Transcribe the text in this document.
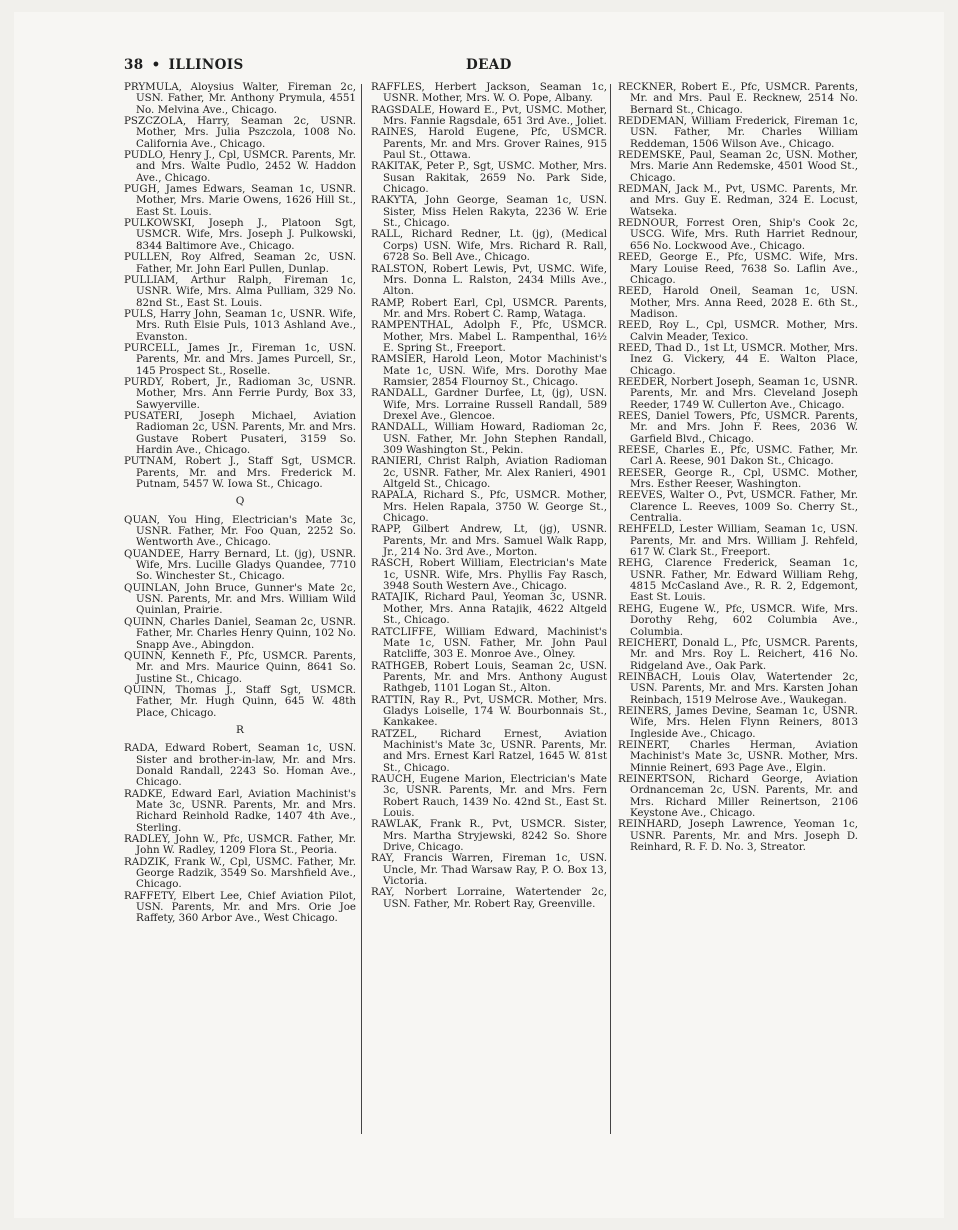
38 • ILLINOIS	DEAD
PRYMULA, Aloysius Walter, Fireman 2c, USN. Father, Mr. Anthony Prymula, 4551 No. Melvina Ave., Chicago.
PSZCZOLA, Harry, Seaman 2c, USNR. Mother, Mrs. Julia Pszczola, 1008 No. California Ave., Chicago.
PUDLO, Henry J., Cpl, USMCR. Parents, Mr. and Mrs. Walte Pudlo, 2452 W. Haddon Ave., Chicago.
PUGH, James Edwars, Seaman 1c, USNR. Mother, Mrs. Marie Owens, 1626 Hill St., East St. Louis.
PULKOWSKI, Joseph J., Platoon Sgt, USMCR. Wife, Mrs. Joseph J. Pulkowski, 8344 Baltimore Ave., Chicago.
PULLEN, Roy Alfred, Seaman 2c, USN. Father, Mr. John Earl Pullen, Dunlap.
PULLIAM, Arthur Ralph, Fireman 1c, USNR. Wife, Mrs. Alma Pulliam, 329 No. 82nd St., East St. Louis.
PULS, Harry John, Seaman 1c, USNR. Wife, Mrs. Ruth Elsie Puls, 1013 Ashland Ave., Evanston.
PURCELL, James Jr., Fireman 1c, USN. Parents, Mr. and Mrs. James Purcell, Sr., 145 Prospect St., Roselle.
PURDY, Robert, Jr., Radioman 3c, USNR. Mother, Mrs. Ann Ferrie Purdy, Box 33, Sawyerville.
PUSATERI, Joseph Michael, Aviation Radioman 2c, USN. Parents, Mr. and Mrs. Gustave Robert Pusateri, 3159 So. Hardin Ave., Chicago.
PUTNAM, Robert J., Staff Sgt, USMCR. Parents, Mr. and Mrs. Frederick M. Putnam, 5457 W. Iowa St., Chicago.
Q
QUAN, You Hing, Electrician's Mate 3c, USNR. Father, Mr. Foo Quan, 2252 So. Wentworth Ave., Chicago.
QUANDEE, Harry Bernard, Lt. (jg), USNR. Wife, Mrs. Lucille Gladys Quandee, 7710 So. Winchester St., Chicago.
QUINLAN, John Bruce, Gunner's Mate 2c, USN. Parents, Mr. and Mrs. William Wild Quinlan, Prairie.
QUINN, Charles Daniel, Seaman 2c, USNR. Father, Mr. Charles Henry Quinn, 102 No. Snapp Ave., Abingdon.
QUINN, Kenneth F., Pfc, USMCR. Parents, Mr. and Mrs. Maurice Quinn, 8641 So. Justine St., Chicago.
QUINN, Thomas J., Staff Sgt, USMCR. Father, Mr. Hugh Quinn, 645 W. 48th Place, Chicago.
R
RADA, Edward Robert, Seaman 1c, USN. Sister and brother-in-law, Mr. and Mrs. Donald Randall, 2243 So. Homan Ave., Chicago.
RADKE, Edward Earl, Aviation Machinist's Mate 3c, USNR. Parents, Mr. and Mrs. Richard Reinhold Radke, 1407 4th Ave., Sterling.
RADLEY, John W., Pfc, USMCR. Father, Mr. John W. Radley, 1209 Flora St., Peoria.
RADZIK, Frank W., Cpl, USMC. Father, Mr. George Radzik, 3549 So. Marshfield Ave., Chicago.
RAFFETY, Elbert Lee, Chief Aviation Pilot, USN. Parents, Mr. and Mrs. Orie Joe Raffety, 360 Arbor Ave., West Chicago.
RAFFLES, Herbert Jackson, Seaman 1c, USNR. Mother, Mrs. W. O. Pope, Albany.
RAGSDALE, Howard E., Pvt, USMC. Mother, Mrs. Fannie Ragsdale, 651 3rd Ave., Joliet.
RAINES, Harold Eugene, Pfc, USMCR. Parents, Mr. and Mrs. Grover Raines, 915 Paul St., Ottawa.
RAKITAK, Peter P., Sgt, USMC. Mother, Mrs. Susan Rakitak, 2659 No. Park Side, Chicago.
RAKYTA, John George, Seaman 1c, USN. Sister, Miss Helen Rakyta, 2236 W. Erie St., Chicago.
RALL, Richard Redner, Lt. (jg), (Medical Corps) USN. Wife, Mrs. Richard R. Rall, 6728 So. Bell Ave., Chicago.
RALSTON, Robert Lewis, Pvt, USMC. Wife, Mrs. Donna L. Ralston, 2434 Mills Ave., Alton.
RAMP, Robert Earl, Cpl, USMCR. Parents, Mr. and Mrs. Robert C. Ramp, Wataga.
RAMPENTHAL, Adolph F., Pfc, USMCR. Mother, Mrs. Mabel L. Rampenthal, 16½ E. Spring St., Freeport.
RAMSIER, Harold Leon, Motor Machinist's Mate 1c, USN. Wife, Mrs. Dorothy Mae Ramsier, 2854 Flournoy St., Chicago.
RANDALL, Gardner Durfee, Lt, (jg), USN. Wife, Mrs. Lorraine Russell Randall, 589 Drexel Ave., Glencoe.
RANDALL, William Howard, Radioman 2c, USN. Father, Mr. John Stephen Randall, 309 Washington St., Pekin.
RANIERI, Christ Ralph, Aviation Radioman 2c, USNR. Father, Mr. Alex Ranieri, 4901 Altgeld St., Chicago.
RAPALA, Richard S., Pfc, USMCR. Mother, Mrs. Helen Rapala, 3750 W. George St., Chicago.
RAPP, Gilbert Andrew, Lt, (jg), USNR. Parents, Mr. and Mrs. Samuel Walk Rapp, Jr., 214 No. 3rd Ave., Morton.
RASCH, Robert William, Electrician's Mate 1c, USNR. Wife, Mrs. Phyllis Fay Rasch, 3948 South Western Ave., Chicago.
RATAJIK, Richard Paul, Yeoman 3c, USNR. Mother, Mrs. Anna Ratajik, 4622 Altgeld St., Chicago.
RATCLIFFE, William Edward, Machinist's Mate 1c, USN. Father, Mr. John Paul Ratcliffe, 303 E. Monroe Ave., Olney.
RATHGEB, Robert Louis, Seaman 2c, USN. Parents, Mr. and Mrs. Anthony August Rathgeb, 1101 Logan St., Alton.
RATTIN, Ray R., Pvt, USMCR. Mother, Mrs. Gladys Loiselle, 174 W. Bourbonnais St., Kankakee.
RATZEL, Richard Ernest, Aviation Machinist's Mate 3c, USNR. Parents, Mr. and Mrs. Ernest Karl Ratzel, 1645 W. 81st St., Chicago.
RAUCH, Eugene Marion, Electrician's Mate 3c, USNR. Parents, Mr. and Mrs. Fern Robert Rauch, 1439 No. 42nd St., East St. Louis.
RAWLAK, Frank R., Pvt, USMCR. Sister, Mrs. Martha Stryjewski, 8242 So. Shore Drive, Chicago.
RAY, Francis Warren, Fireman 1c, USN. Uncle, Mr. Thad Warsaw Ray, P. O. Box 13, Victoria.
RAY, Norbert Lorraine, Watertender 2c, USN. Father, Mr. Robert Ray, Greenville.
RECKNER, Robert E., Pfc, USMCR. Parents, Mr. and Mrs. Paul E. Recknew, 2514 No. Bernard St., Chicago.
REDDEMAN, William Frederick, Fireman 1c, USN. Father, Mr. Charles William Reddeman, 1506 Wilson Ave., Chicago.
REDEMSKE, Paul, Seaman 2c, USN. Mother, Mrs. Marie Ann Redemske, 4501 Wood St., Chicago.
REDMAN, Jack M., Pvt, USMC. Parents, Mr. and Mrs. Guy E. Redman, 324 E. Locust, Watseka.
REDNOUR, Forrest Oren, Ship's Cook 2c, USCG. Wife, Mrs. Ruth Harriet Rednour, 656 No. Lockwood Ave., Chicago.
REED, George E., Pfc, USMC. Wife, Mrs. Mary Louise Reed, 7638 So. Laflin Ave., Chicago.
REED, Harold Oneil, Seaman 1c, USN. Mother, Mrs. Anna Reed, 2028 E. 6th St., Madison.
REED, Roy L., Cpl, USMCR. Mother, Mrs. Calvin Meader, Texico.
REED, Thad D., 1st Lt, USMCR. Mother, Mrs. Inez G. Vickery, 44 E. Walton Place, Chicago.
REEDER, Norbert Joseph, Seaman 1c, USNR. Parents, Mr. and Mrs. Cleveland Joseph Reeder, 1749 W. Cullerton Ave., Chicago.
REES, Daniel Towers, Pfc, USMCR. Parents, Mr. and Mrs. John F. Rees, 2036 W. Garfield Blvd., Chicago.
REESE, Charles E., Pfc, USMC. Father, Mr. Carl A. Reese, 901 Dakon St., Chicago.
REESER, George R., Cpl, USMC. Mother, Mrs. Esther Reeser, Washington.
REEVES, Walter O., Pvt, USMCR. Father, Mr. Clarence L. Reeves, 1009 So. Cherry St., Centralia.
REHFELD, Lester William, Seaman 1c, USN. Parents, Mr. and Mrs. William J. Rehfeld, 617 W. Clark St., Freeport.
REHG, Clarence Frederick, Seaman 1c, USNR. Father, Mr. Edward William Rehg, 4815 McCasland Ave., R. R. 2, Edgemont, East St. Louis.
REHG, Eugene W., Pfc, USMCR. Wife, Mrs. Dorothy Rehg, 602 Columbia Ave., Columbia.
REICHERT, Donald L., Pfc, USMCR. Parents, Mr. and Mrs. Roy L. Reichert, 416 No. Ridgeland Ave., Oak Park.
REINBACH, Louis Olav, Watertender 2c, USN. Parents, Mr. and Mrs. Karsten Johan Reinbach, 1519 Melrose Ave., Waukegan.
REINERS, James Devine, Seaman 1c, USNR. Wife, Mrs. Helen Flynn Reiners, 8013 Ingleside Ave., Chicago.
REINERT, Charles Herman, Aviation Machinist's Mate 3c, USNR. Mother, Mrs. Minnie Reinert, 693 Page Ave., Elgin.
REINERTSON, Richard George, Aviation Ordnanceman 2c, USN. Parents, Mr. and Mrs. Richard Miller Reinertson, 2106 Keystone Ave., Chicago.
REINHARD, Joseph Lawrence, Yeoman 1c, USNR. Parents, Mr. and Mrs. Joseph D. Reinhard, R. F. D. No. 3, Streator.
